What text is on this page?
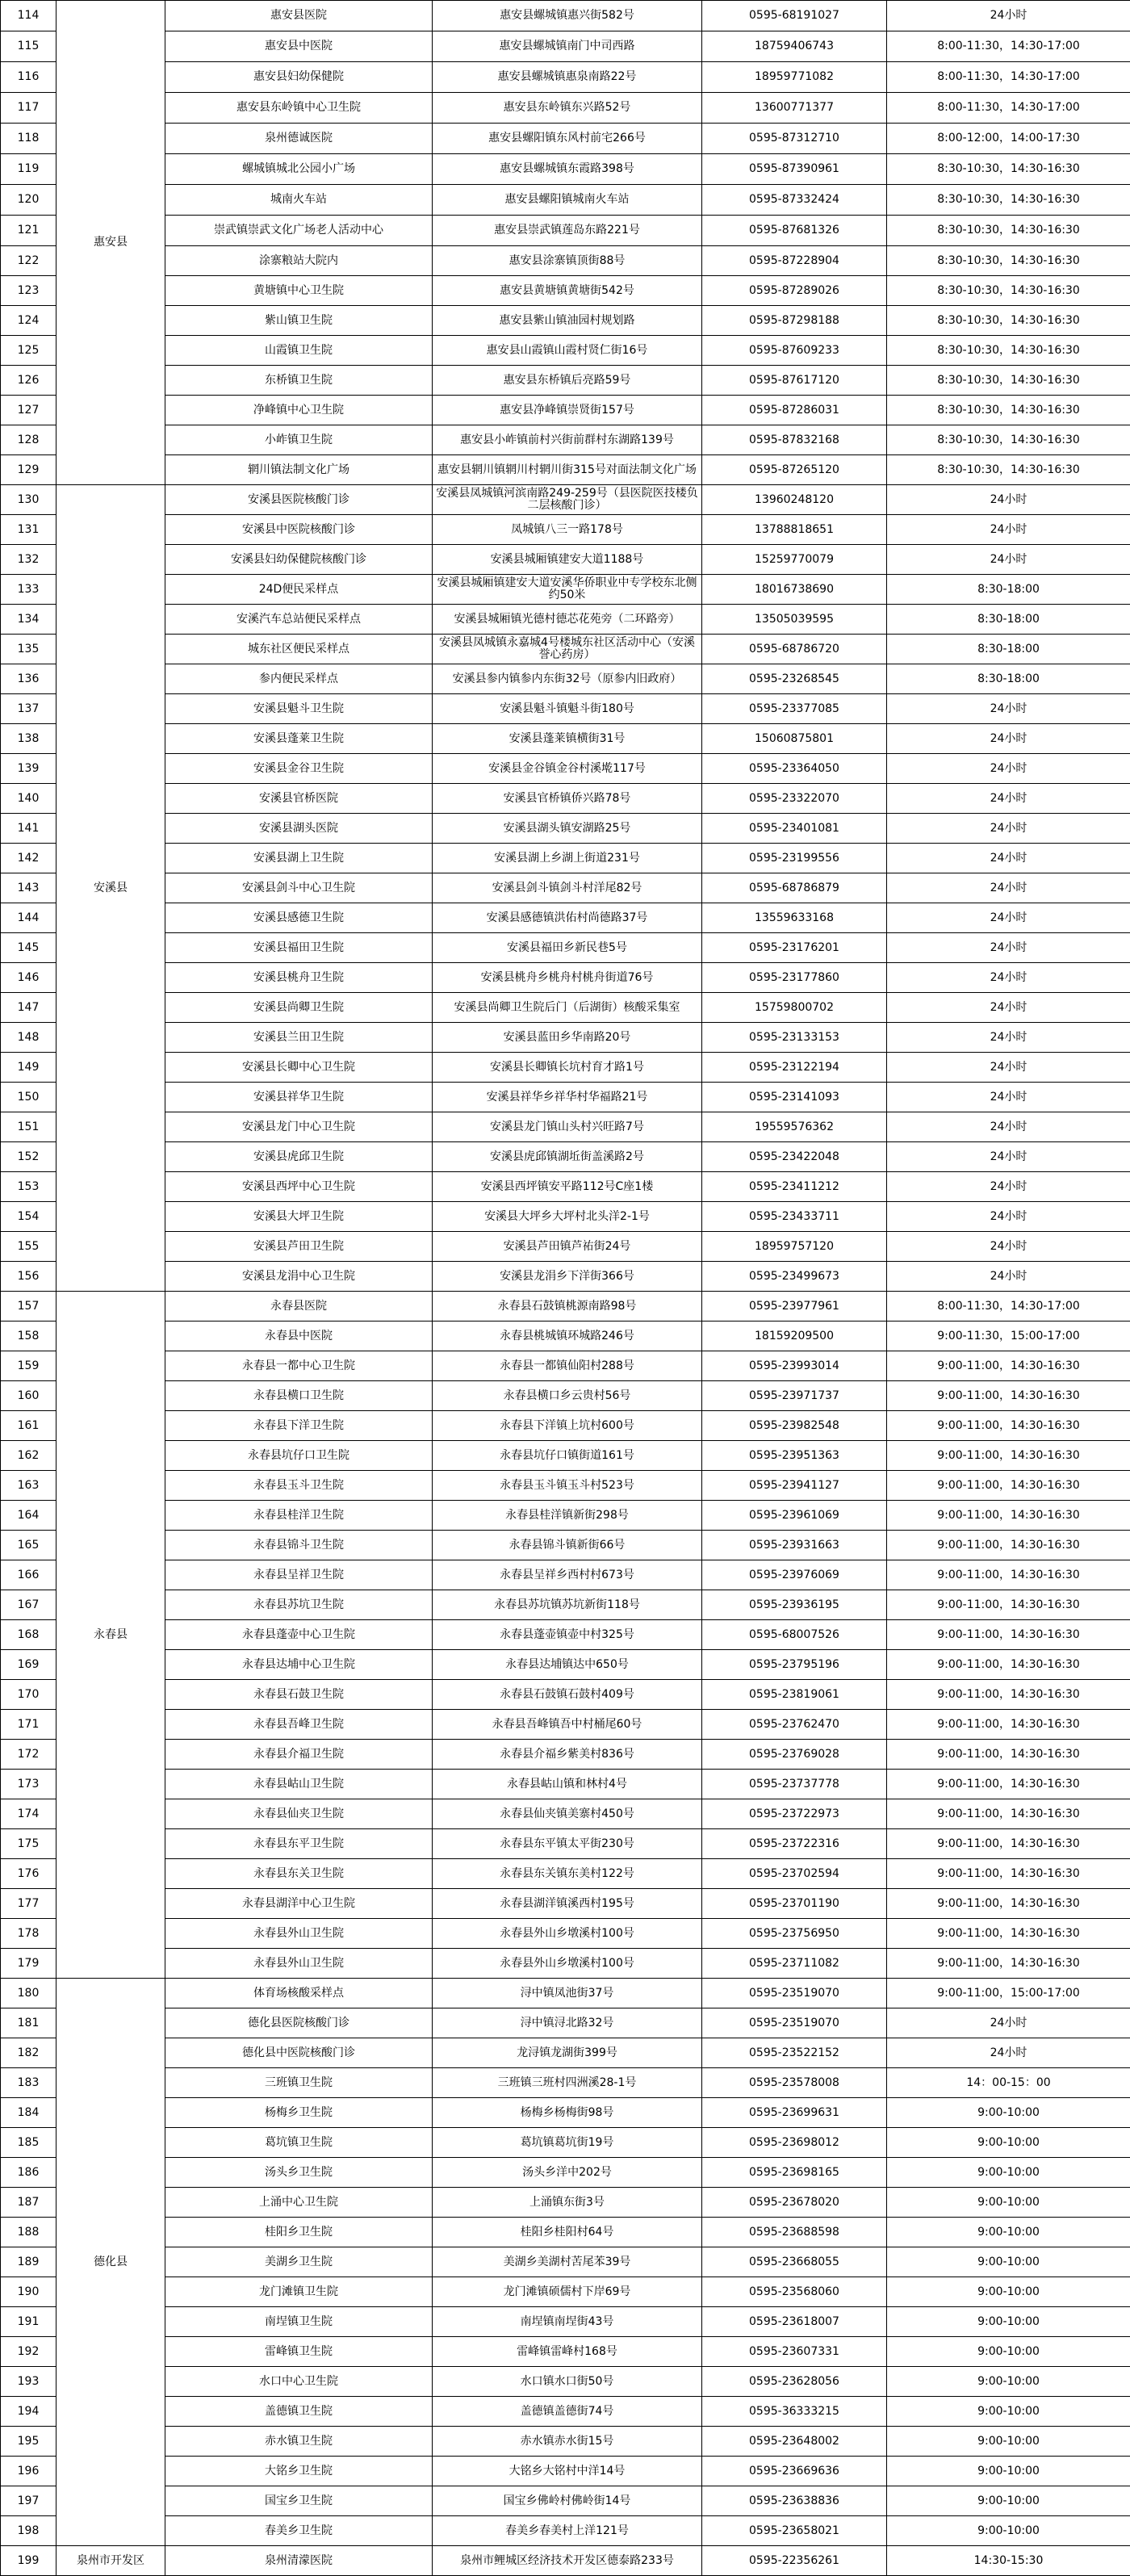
114	惠安县	惠安县医院	惠安县螺城镇惠兴街582号	0595-68191027	24小时
115		惠安县中医院	惠安县螺城镇南门中司西路	18759406743	8:00-11:30，14:30-17:00
116		惠安县妇幼保健院	惠安县螺城镇惠泉南路22号	18959771082	8:00-11:30，14:30-17:00
117		惠安县东岭镇中心卫生院	惠安县东岭镇东兴路52号	13600771377	8:00-11:30，14:30-17:00
118		泉州德诚医院	惠安县螺阳镇东风村前宅266号	0595-87312710	8:00-12:00，14:00-17:30
119		螺城镇城北公园小广场	惠安县螺城镇东霞路398号	0595-87390961	8:30-10:30，14:30-16:30
120		城南火车站	惠安县螺阳镇城南火车站	0595-87332424	8:30-10:30，14:30-16:30
121		崇武镇崇武文化广场老人活动中心	惠安县崇武镇莲岛东路221号	0595-87681326	8:30-10:30，14:30-16:30
122		涂寨粮站大院内	惠安县涂寨镇顶街88号	0595-87228904	8:30-10:30，14:30-16:30
123		黄塘镇中心卫生院	惠安县黄塘镇黄塘街542号	0595-87289026	8:30-10:30，14:30-16:30
124		紫山镇卫生院	惠安县紫山镇油园村规划路	0595-87298188	8:30-10:30，14:30-16:30
125		山霞镇卫生院	惠安县山霞镇山霞村贤仁街16号	0595-87609233	8:30-10:30，14:30-16:30
126		东桥镇卫生院	惠安县东桥镇后亮路59号	0595-87617120	8:30-10:30，14:30-16:30
127		净峰镇中心卫生院	惠安县净峰镇崇贤街157号	0595-87286031	8:30-10:30，14:30-16:30
128		小岞镇卫生院	惠安县小岞镇前村兴街前群村东湖路139号	0595-87832168	8:30-10:30，14:30-16:30
129		辋川镇法制文化广场	惠安县辋川镇辋川村辋川街315号对面法制文化广场	0595-87265120	8:30-10:30，14:30-16:30
130	安溪县	安溪县医院核酸门诊	安溪县凤城镇河滨南路249-259号（县医院医技楼负二层核酸门诊）	13960248120	24小时
131		安溪县中医院核酸门诊	凤城镇八三一路178号	13788818651	24小时
132		安溪县妇幼保健院核酸门诊	安溪县城厢镇建安大道1188号	15259770079	24小时
133		24D便民采样点	安溪县城厢镇建安大道安溪华侨职业中专学校东北侧约50米	18016738690	8:30-18:00
134		安溪汽车总站便民采样点	安溪县城厢镇光德村德芯花苑旁（二环路旁）	13505039595	8:30-18:00
135		城东社区便民采样点	安溪县凤城镇永嘉城4号楼城东社区活动中心（安溪誉心药房）	0595-68786720	8:30-18:00
136		参内便民采样点	安溪县参内镇参内东街32号（原参内旧政府）	0595-23268545	8:30-18:00
137		安溪县魁斗卫生院	安溪县魁斗镇魁斗街180号	0595-23377085	24小时
138		安溪县蓬莱卫生院	安溪县蓬莱镇横街31号	15060875801	24小时
139		安溪县金谷卫生院	安溪县金谷镇金谷村溪墘117号	0595-23364050	24小时
140		安溪县官桥医院	安溪县官桥镇侨兴路78号	0595-23322070	24小时
141		安溪县湖头医院	安溪县湖头镇安湖路25号	0595-23401081	24小时
142		安溪县湖上卫生院	安溪县湖上乡湖上街道231号	0595-23199556	24小时
143		安溪县剑斗中心卫生院	安溪县剑斗镇剑斗村洋尾82号	0595-68786879	24小时
144		安溪县感德卫生院	安溪县感德镇洪佑村尚德路37号	13559633168	24小时
145		安溪县福田卫生院	安溪县福田乡新民巷5号	0595-23176201	24小时
146		安溪县桃舟卫生院	安溪县桃舟乡桃舟村桃舟街道76号	0595-23177860	24小时
147		安溪县尚卿卫生院	安溪县尚卿卫生院后门（后湖街）核酸采集室	15759800702	24小时
148		安溪县兰田卫生院	安溪县蓝田乡华南路20号	0595-23133153	24小时
149		安溪县长卿中心卫生院	安溪县长卿镇长坑村育才路1号	0595-23122194	24小时
150		安溪县祥华卫生院	安溪县祥华乡祥华村华福路21号	0595-23141093	24小时
151		安溪县龙门中心卫生院	安溪县龙门镇山头村兴旺路7号	19559576362	24小时
152		安溪县虎邱卫生院	安溪县虎邱镇湖坵街盖溪路2号	0595-23422048	24小时
153		安溪县西坪中心卫生院	安溪县西坪镇安平路112号C座1楼	0595-23411212	24小时
154		安溪县大坪卫生院	安溪县大坪乡大坪村北头洋2-1号	0595-23433711	24小时
155		安溪县芦田卫生院	安溪县芦田镇芦祐街24号	18959757120	24小时
156		安溪县龙涓中心卫生院	安溪县龙涓乡下洋街366号	0595-23499673	24小时
157	永春县	永春县医院	永春县石鼓镇桃源南路98号	0595-23977961	8:00-11:30，14:30-17:00
158		永春县中医院	永春县桃城镇环城路246号	18159209500	9:00-11:30，15:00-17:00
159		永春县一都中心卫生院	永春县一都镇仙阳村288号	0595-23993014	9:00-11:00，14:30-16:30
160		永春县横口卫生院	永春县横口乡云贵村56号	0595-23971737	9:00-11:00，14:30-16:30
161		永春县下洋卫生院	永春县下洋镇上坑村600号	0595-23982548	9:00-11:00，14:30-16:30
162		永春县坑仔口卫生院	永春县坑仔口镇街道161号	0595-23951363	9:00-11:00，14:30-16:30
163		永春县玉斗卫生院	永春县玉斗镇玉斗村523号	0595-23941127	9:00-11:00，14:30-16:30
164		永春县桂洋卫生院	永春县桂洋镇新街298号	0595-23961069	9:00-11:00，14:30-16:30
165		永春县锦斗卫生院	永春县锦斗镇新街66号	0595-23931663	9:00-11:00，14:30-16:30
166		永春县呈祥卫生院	永春县呈祥乡西村村673号	0595-23976069	9:00-11:00，14:30-16:30
167		永春县苏坑卫生院	永春县苏坑镇苏坑新街118号	0595-23936195	9:00-11:00，14:30-16:30
168		永春县蓬壶中心卫生院	永春县蓬壶镇壶中村325号	0595-68007526	9:00-11:00，14:30-16:30
169		永春县达埔中心卫生院	永春县达埔镇达中650号	0595-23795196	9:00-11:00，14:30-16:30
170		永春县石鼓卫生院	永春县石鼓镇石鼓村409号	0595-23819061	9:00-11:00，14:30-16:30
171		永春县吾峰卫生院	永春县吾峰镇吾中村桶尾60号	0595-23762470	9:00-11:00，14:30-16:30
172		永春县介福卫生院	永春县介福乡紫美村836号	0595-23769028	9:00-11:00，14:30-16:30
173		永春县岵山卫生院	永春县岵山镇和林村4号	0595-23737778	9:00-11:00，14:30-16:30
174		永春县仙夹卫生院	永春县仙夹镇美寨村450号	0595-23722973	9:00-11:00，14:30-16:30
175		永春县东平卫生院	永春县东平镇太平街230号	0595-23722316	9:00-11:00，14:30-16:30
176		永春县东关卫生院	永春县东关镇东美村122号	0595-23702594	9:00-11:00，14:30-16:30
177		永春县湖洋中心卫生院	永春县湖洋镇溪西村195号	0595-23701190	9:00-11:00，14:30-16:30
178		永春县外山卫生院	永春县外山乡墩溪村100号	0595-23756950	9:00-11:00，14:30-16:30
179		永春县外山卫生院	永春县外山乡墩溪村100号	0595-23711082	9:00-11:00，14:30-16:30
180	德化县	体育场核酸采样点	浔中镇凤池街37号	0595-23519070	9:00-11:00，15:00-17:00
181		德化县医院核酸门诊	浔中镇浔北路32号	0595-23519070	24小时
182		德化县中医院核酸门诊	龙浔镇龙湖街399号	0595-23522152	24小时
183		三班镇卫生院	三班镇三班村四洲溪28-1号	0595-23578008	14：00-15：00
184		杨梅乡卫生院	杨梅乡杨梅街98号	0595-23699631	9:00-10:00
185		葛坑镇卫生院	葛坑镇葛坑街19号	0595-23698012	9:00-10:00
186		汤头乡卫生院	汤头乡洋中202号	0595-23698165	9:00-10:00
187		上涌中心卫生院	上涌镇东街3号	0595-23678020	9:00-10:00
188		桂阳乡卫生院	桂阳乡桂阳村64号	0595-23688598	9:00-10:00
189		美湖乡卫生院	美湖乡美湖村苦尾苯39号	0595-23668055	9:00-10:00
190		龙门滩镇卫生院	龙门滩镇硕儒村下岸69号	0595-23568060	9:00-10:00
191		南埕镇卫生院	南埕镇南埕街43号	0595-23618007	9:00-10:00
192		雷峰镇卫生院	雷峰镇雷峰村168号	0595-23607331	9:00-10:00
193		水口中心卫生院	水口镇水口街50号	0595-23628056	9:00-10:00
194		盖德镇卫生院	盖德镇盖德街74号	0595-36333215	9:00-10:00
195		赤水镇卫生院	赤水镇赤水街15号	0595-23648002	9:00-10:00
196		大铭乡卫生院	大铭乡大铭村中洋14号	0595-23669636	9:00-10:00
197		国宝乡卫生院	国宝乡佛岭村佛岭街14号	0595-23638836	9:00-10:00
198		春美乡卫生院	春美乡春美村上洋121号	0595-23658021	9:00-10:00
199	泉州市开发区	泉州清濛医院	泉州市鲤城区经济技术开发区德泰路233号	0595-22356261	14:30-15:30
